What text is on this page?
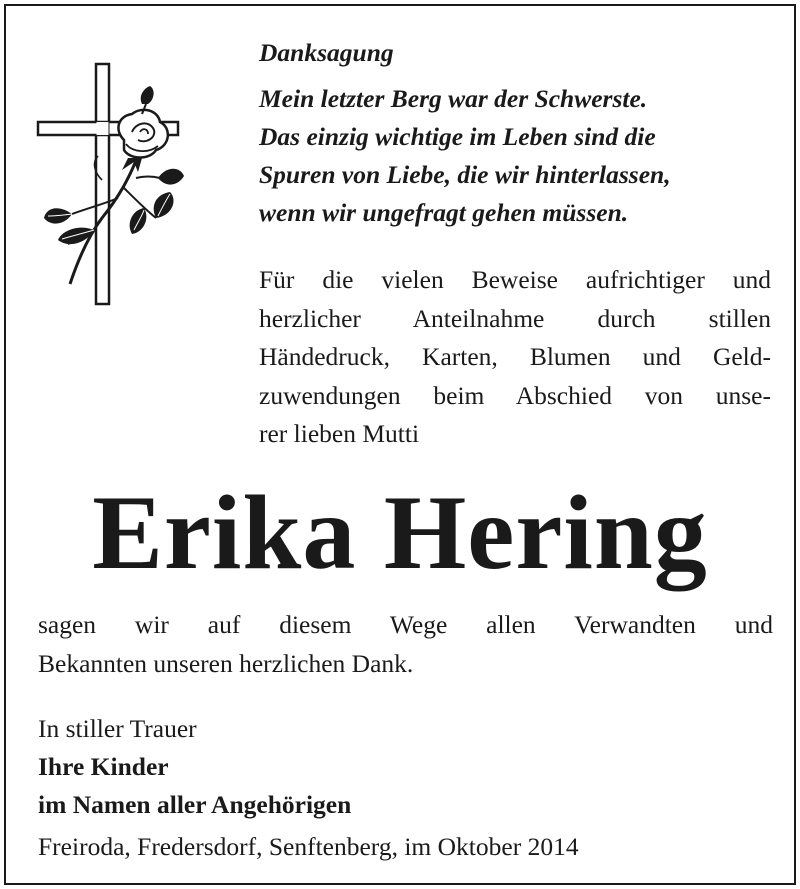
Danksagung
Mein letzter Berg war der Schwerste.
Das einzig wichtige im Leben sind die
Spuren von Liebe, die wir hinterlassen,
wenn wir ungefragt gehen müssen.
Für die vielen Beweise aufrichtiger und
herzlicher Anteilnahme durch stillen
Händedruck, Karten, Blumen und Geld-
zuwendungen beim Abschied von unse-
rer lieben Mutti
Erika Hering
sagen wir auf diesem Wege allen Verwandten und
Bekannten unseren herzlichen Dank.
In stiller Trauer
Ihre Kinder
im Namen aller Angehörigen
Freiroda, Fredersdorf, Senftenberg, im Oktober 2014
